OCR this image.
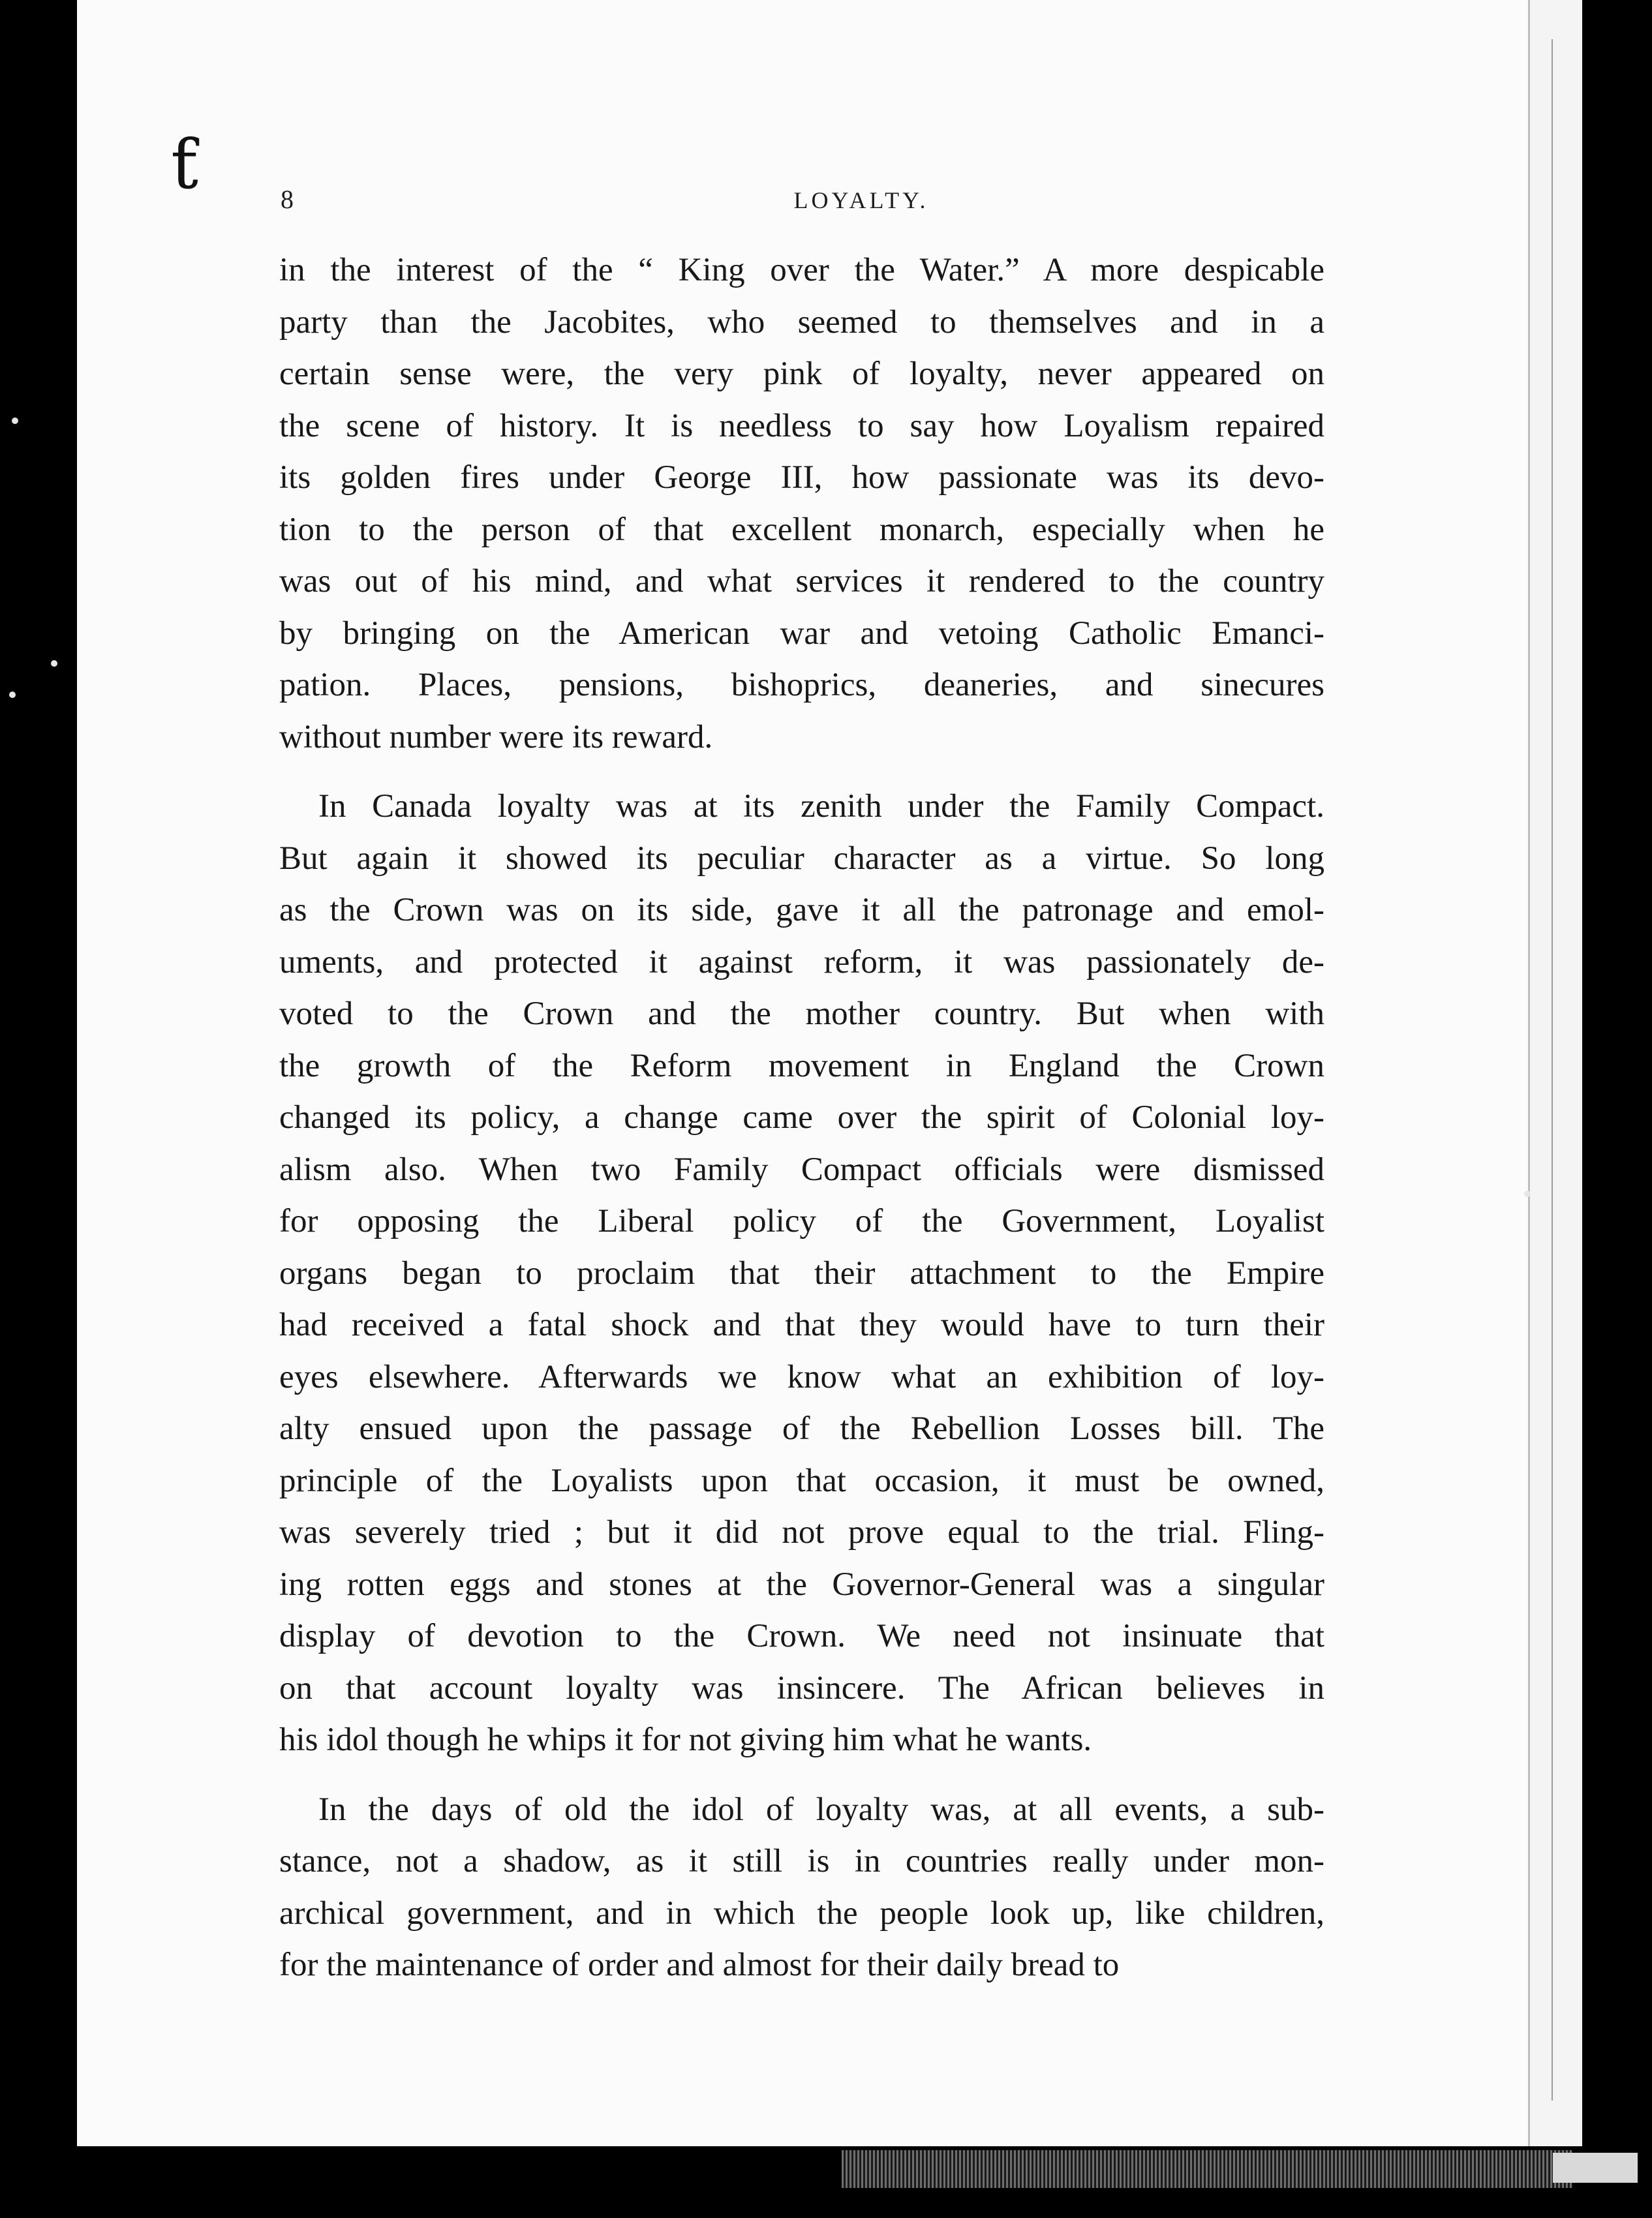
ƭ	8	LOYALTY.
in the interest of the “ King over the Water.” A more despicable
party than the Jacobites, who seemed to themselves and in a
certain sense were, the very pink of loyalty, never appeared on
the scene of history. It is needless to say how Loyalism repaired
its golden fires under George III, how passionate was its devo-
tion to the person of that excellent monarch, especially when he
was out of his mind, and what services it rendered to the country
by bringing on the American war and vetoing Catholic Emanci-
pation. Places, pensions, bishoprics, deaneries, and sinecures
without number were its reward.
In Canada loyalty was at its zenith under the Family Compact.
But again it showed its peculiar character as a virtue. So long
as the Crown was on its side, gave it all the patronage and emol-
uments, and protected it against reform, it was passionately de-
voted to the Crown and the mother country. But when with
the growth of the Reform movement in England the Crown
changed its policy, a change came over the spirit of Colonial loy-
alism also. When two Family Compact officials were dismissed
for opposing the Liberal policy of the Government, Loyalist
organs began to proclaim that their attachment to the Empire
had received a fatal shock and that they would have to turn their
eyes elsewhere. Afterwards we know what an exhibition of loy-
alty ensued upon the passage of the Rebellion Losses bill. The
principle of the Loyalists upon that occasion, it must be owned,
was severely tried ; but it did not prove equal to the trial. Fling-
ing rotten eggs and stones at the Governor-General was a singular
display of devotion to the Crown. We need not insinuate that
on that account loyalty was insincere. The African believes in
his idol though he whips it for not giving him what he wants.
In the days of old the idol of loyalty was, at all events, a sub-
stance, not a shadow, as it still is in countries really under mon-
archical government, and in which the people look up, like children,
for the maintenance of order and almost for their daily bread to
